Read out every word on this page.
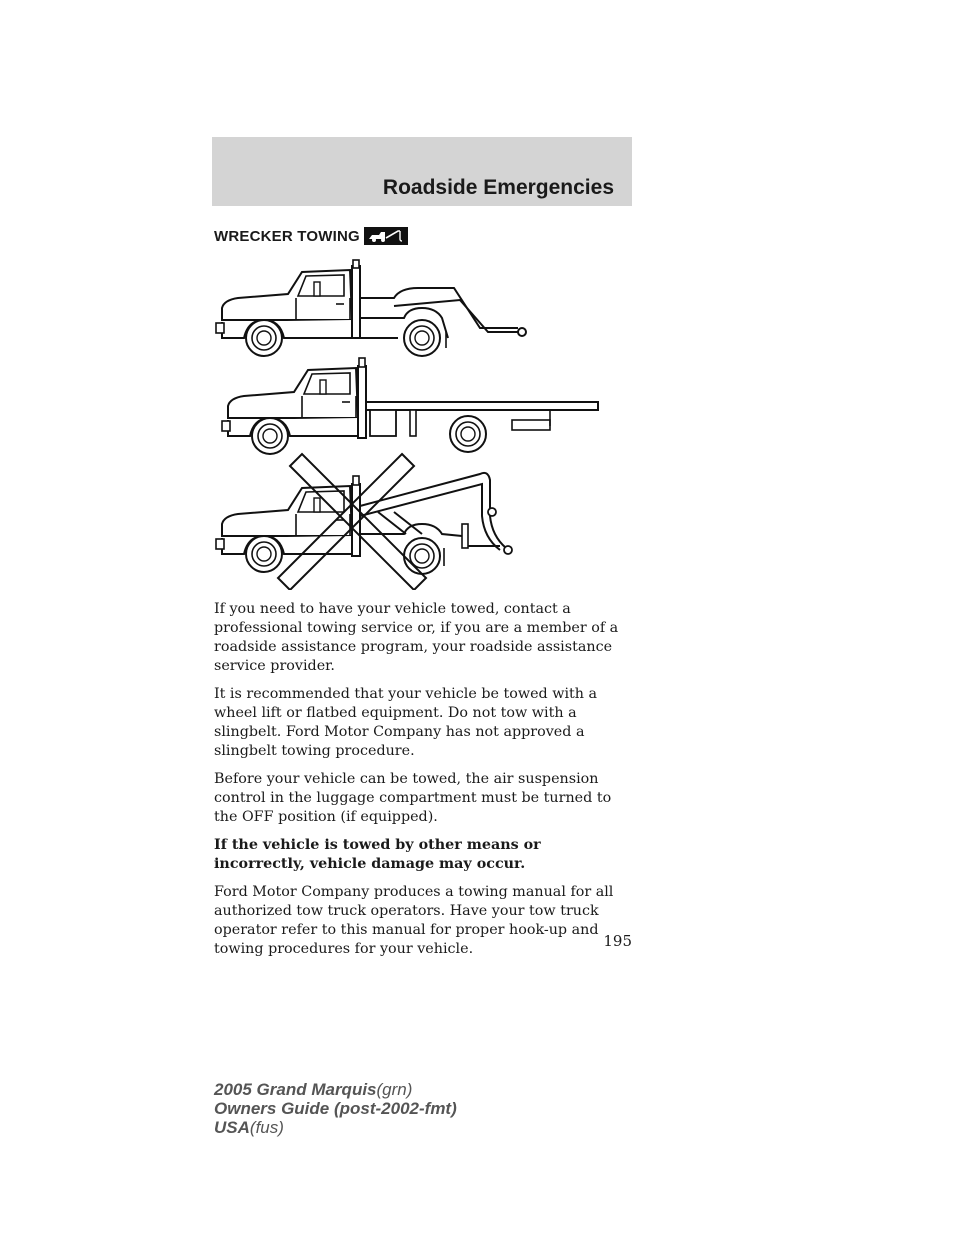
Roadside Emergencies
WRECKER TOWING

If you need to have your vehicle towed, contact a professional towing service or, if you are a member of a roadside assistance program, your roadside assistance service provider.

It is recommended that your vehicle be towed with a wheel lift or flatbed equipment. Do not tow with a slingbelt. Ford Motor Company has not approved a slingbelt towing procedure.

Before your vehicle can be towed, the air suspension control in the luggage compartment must be turned to the OFF position (if equipped).

If the vehicle is towed by other means or incorrectly, vehicle damage may occur.

Ford Motor Company produces a towing manual for all authorized tow truck operators. Have your tow truck operator refer to this manual for proper hook-up and towing procedures for your vehicle.	195
2005 Grand Marquis(grn)
Owners Guide (post-2002-fmt)
USA(fus)
